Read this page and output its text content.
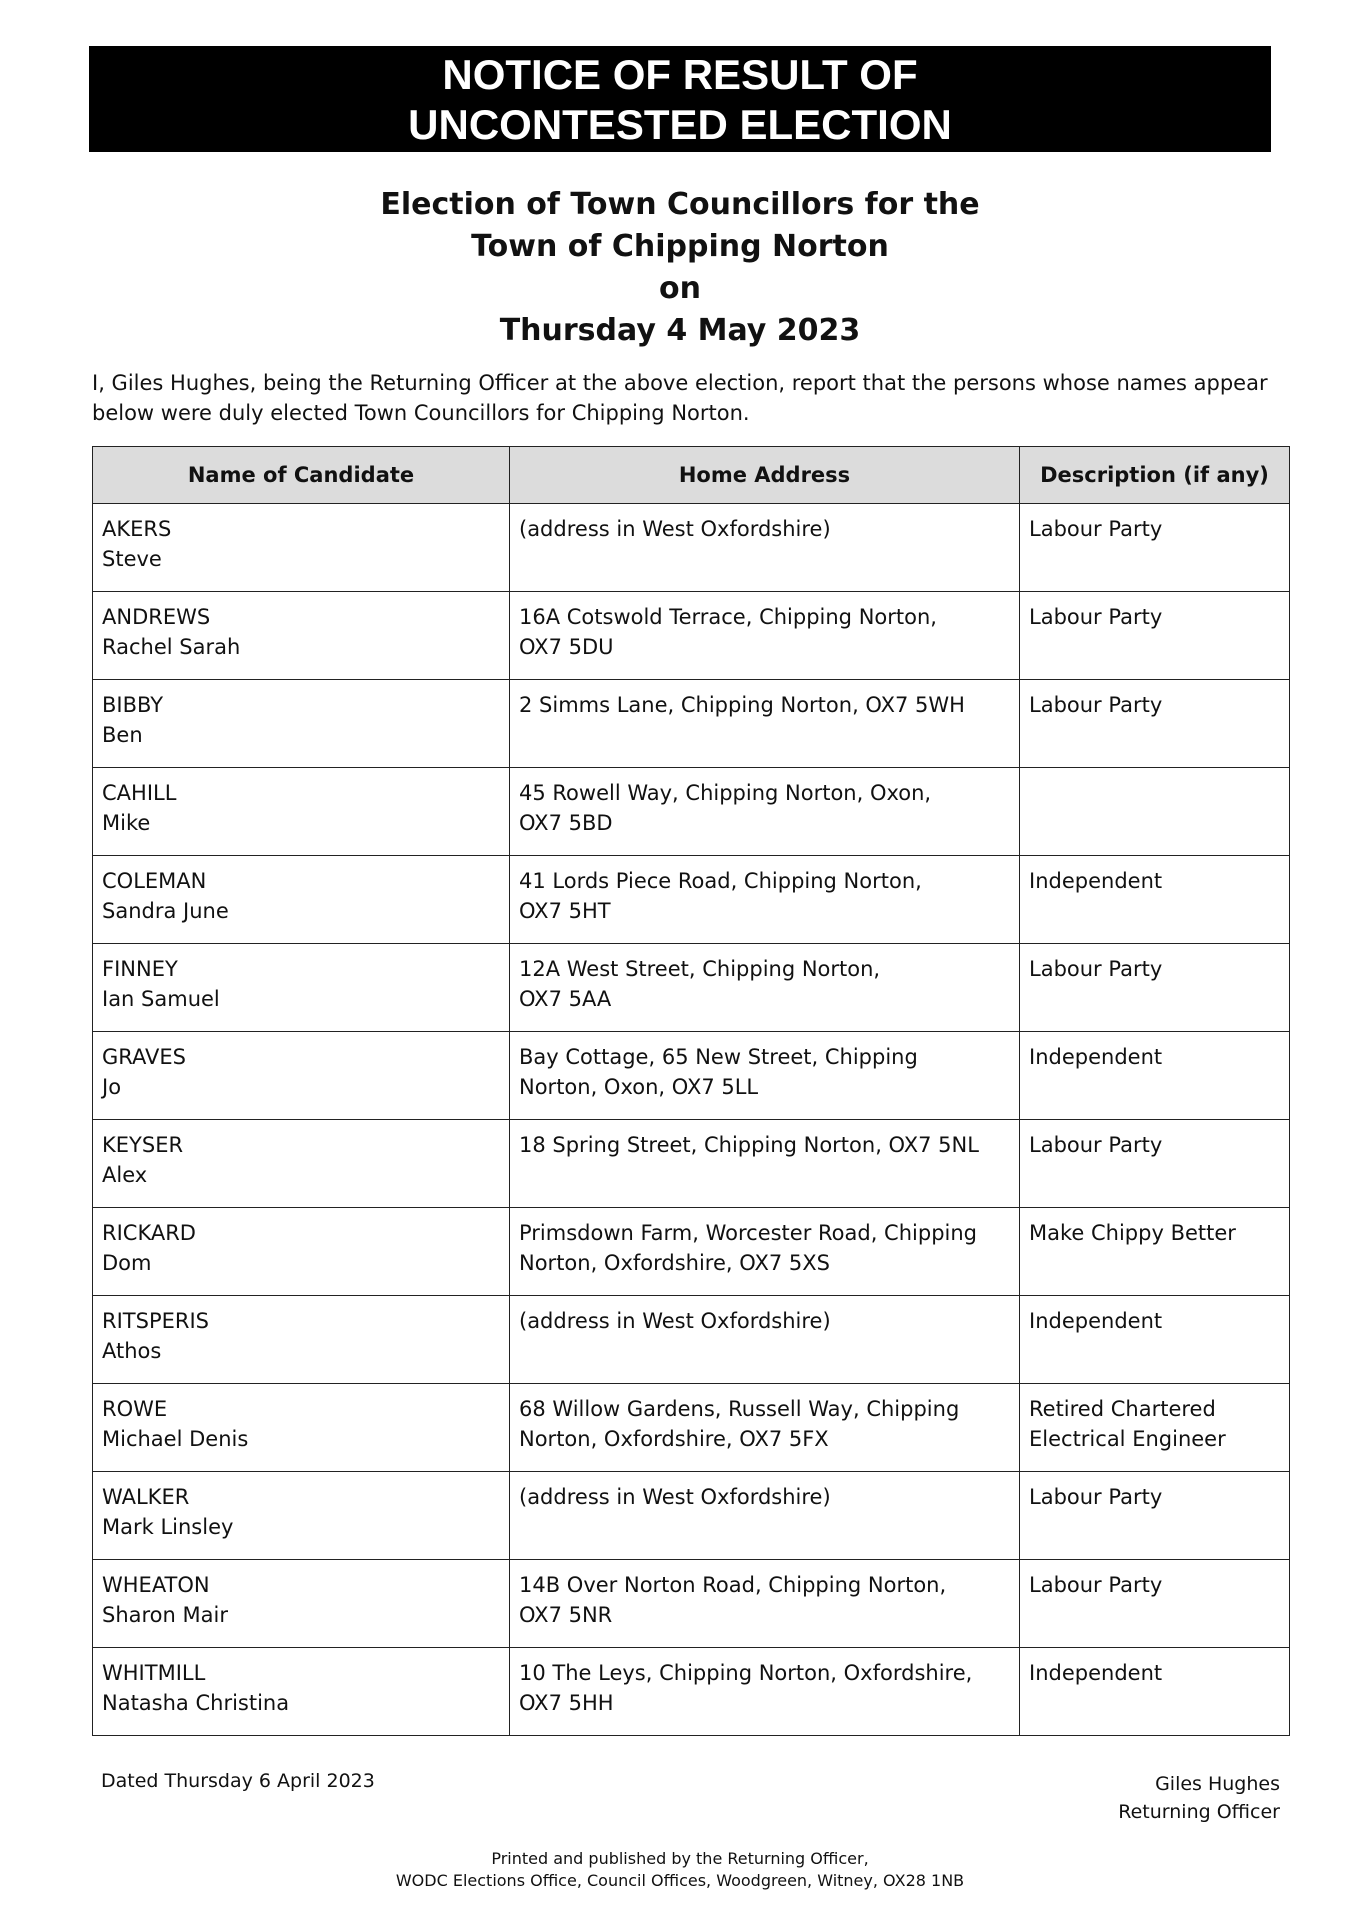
NOTICE OF RESULT OF
UNCONTESTED ELECTION
Election of Town Councillors for the
Town of Chipping Norton
on
Thursday 4 May 2023
I, Giles Hughes, being the Returning Officer at the above election, report that the persons whose names appear below were duly elected Town Councillors for Chipping Norton.
Name of Candidate	Home Address	Description (if any)

AKERS
Steve	(address in West Oxfordshire)	Labour Party

ANDREWS
Rachel Sarah	16A Cotswold Terrace, Chipping Norton,
OX7 5DU	Labour Party

BIBBY
Ben	2 Simms Lane, Chipping Norton, OX7 5WH	Labour Party

CAHILL
Mike	45 Rowell Way, Chipping Norton, Oxon,
OX7 5BD	

COLEMAN
Sandra June	41 Lords Piece Road, Chipping Norton,
OX7 5HT	Independent

FINNEY
Ian Samuel	12A West Street, Chipping Norton,
OX7 5AA	Labour Party

GRAVES
Jo	Bay Cottage, 65 New Street, Chipping
Norton, Oxon, OX7 5LL	Independent

KEYSER
Alex	18 Spring Street, Chipping Norton, OX7 5NL	Labour Party

RICKARD
Dom	Primsdown Farm, Worcester Road, Chipping
Norton, Oxfordshire, OX7 5XS	Make Chippy Better

RITSPERIS
Athos	(address in West Oxfordshire)	Independent

ROWE
Michael Denis	68 Willow Gardens, Russell Way, Chipping
Norton, Oxfordshire, OX7 5FX	Retired Chartered
Electrical Engineer

WALKER
Mark Linsley	(address in West Oxfordshire)	Labour Party

WHEATON
Sharon Mair	14B Over Norton Road, Chipping Norton,
OX7 5NR	Labour Party

WHITMILL
Natasha Christina	10 The Leys, Chipping Norton, Oxfordshire,
OX7 5HH	Independent
Dated Thursday 6 April 2023	Giles Hughes
Returning Officer
Printed and published by the Returning Officer,
WODC Elections Office, Council Offices, Woodgreen, Witney, OX28 1NB
